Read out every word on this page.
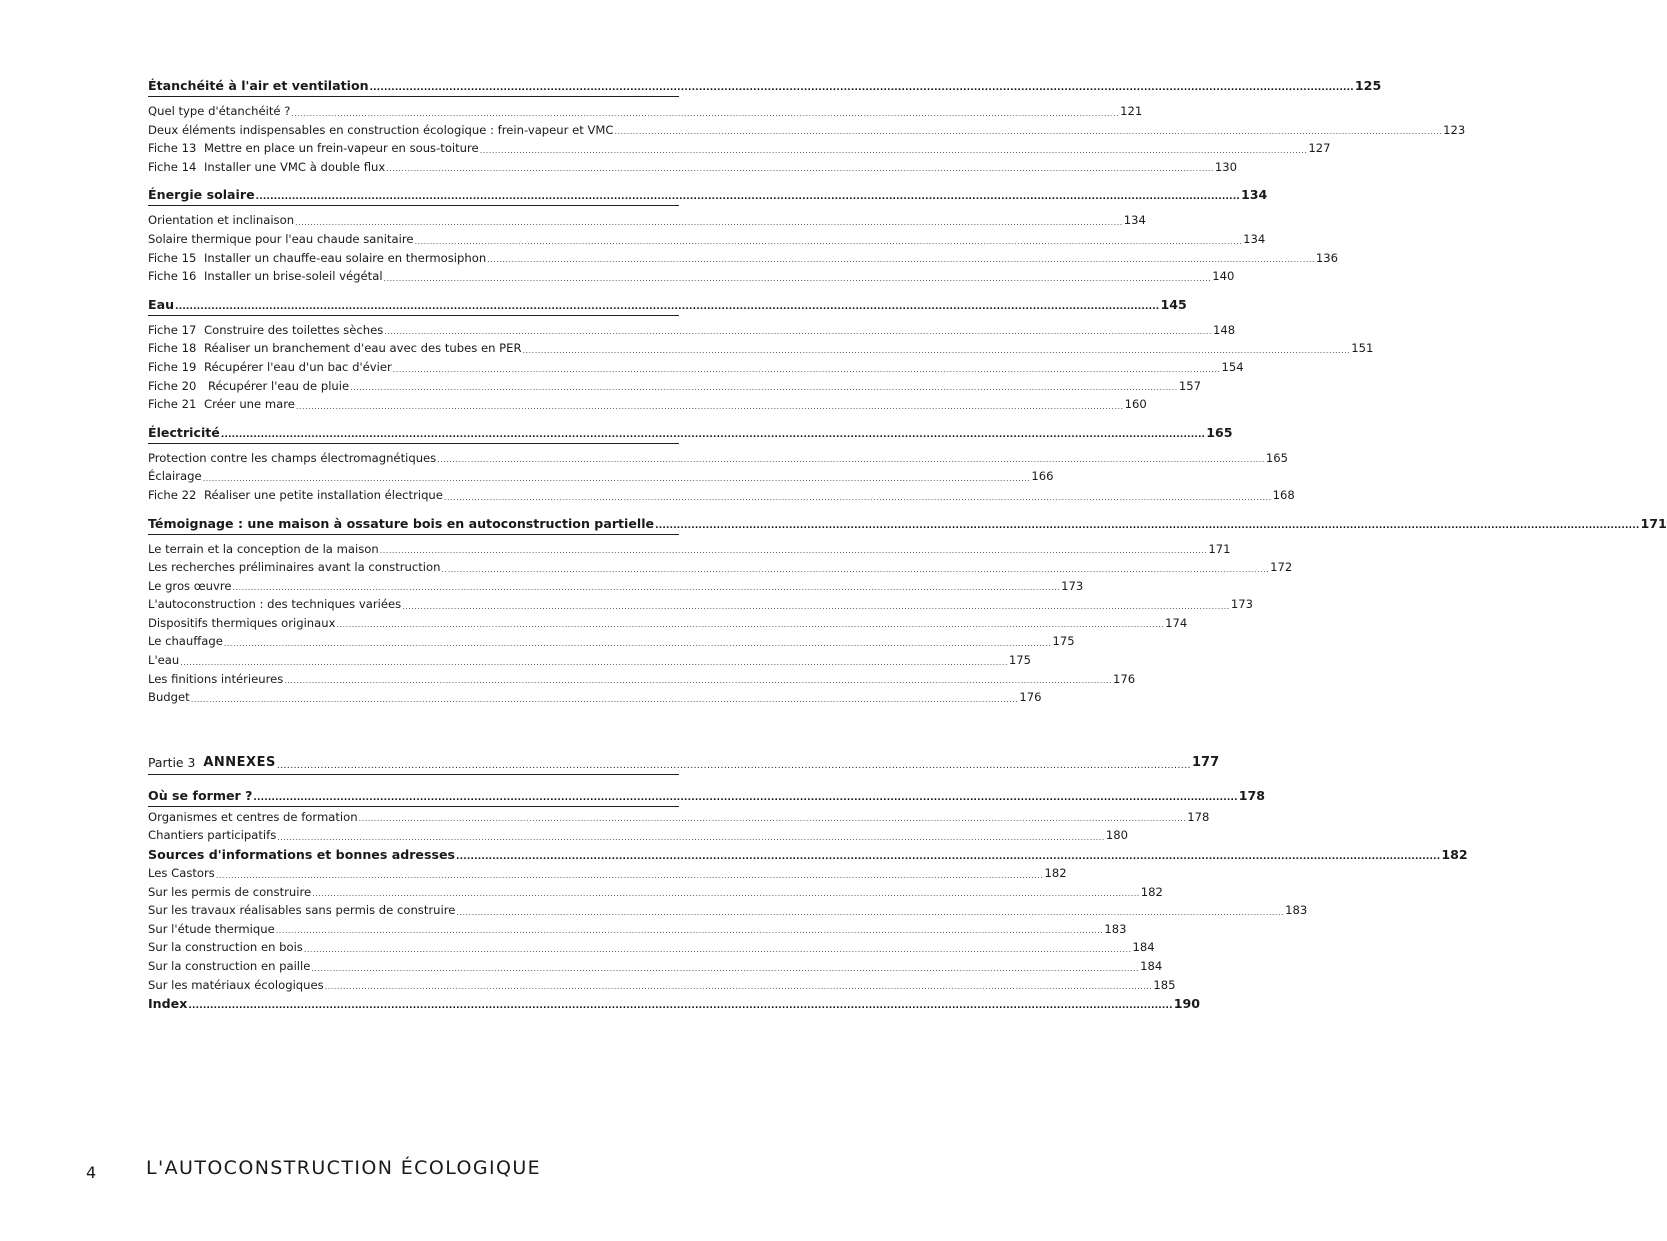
Étanchéité à l'air et ventilation .....	125
Quel type d'étanchéité ? .....	121
Deux éléments indispensables en construction écologique : frein-vapeur et VMC .....	123
Fiche 13 Mettre en place un frein-vapeur en sous-toiture .....	127
Fiche 14 Installer une VMC à double flux .....	130
Énergie solaire .....	134
Orientation et inclinaison .....	134
Solaire thermique pour l'eau chaude sanitaire .....	134
Fiche 15 Installer un chauffe-eau solaire en thermosiphon .....	136
Fiche 16 Installer un brise-soleil végétal .....	140
Eau .....	145
Fiche 17 Construire des toilettes sèches .....	148
Fiche 18 Réaliser un branchement d'eau avec des tubes en PER .....	151
Fiche 19 Récupérer l'eau d'un bac d'évier .....	154
Fiche 20	Récupérer l'eau de pluie .....	157
Fiche 21 Créer une mare .....	160
Électricité .....	165
Protection contre les champs électromagnétiques .....	165
Éclairage .....	166
Fiche 22 Réaliser une petite installation électrique .....	168
Témoignage : une maison à ossature bois en autoconstruction partielle .....	171
Le terrain et la conception de la maison .....	171
Les recherches préliminaires avant la construction .....	172
Le gros œuvre .....	173
L'autoconstruction : des techniques variées .....	173
Dispositifs thermiques originaux .....	174
Le chauffage .....	175
L'eau .....	175
Les finitions intérieures .....	176
Budget .....	176
Partie 3 ANNEXES .....	177
Où se former ? .....	178
Organismes et centres de formation .....	178
Chantiers participatifs .....	180
Sources d'informations et bonnes adresses .....	182
Les Castors .....	182
Sur les permis de construire .....	182
Sur les travaux réalisables sans permis de construire .....	183
Sur l'étude thermique .....	183
Sur la construction en bois .....	184
Sur la construction en paille .....	184
Sur les matériaux écologiques .....	185
Index .....	190
4	L'AUTOCONSTRUCTION ÉCOLOGIQUE
